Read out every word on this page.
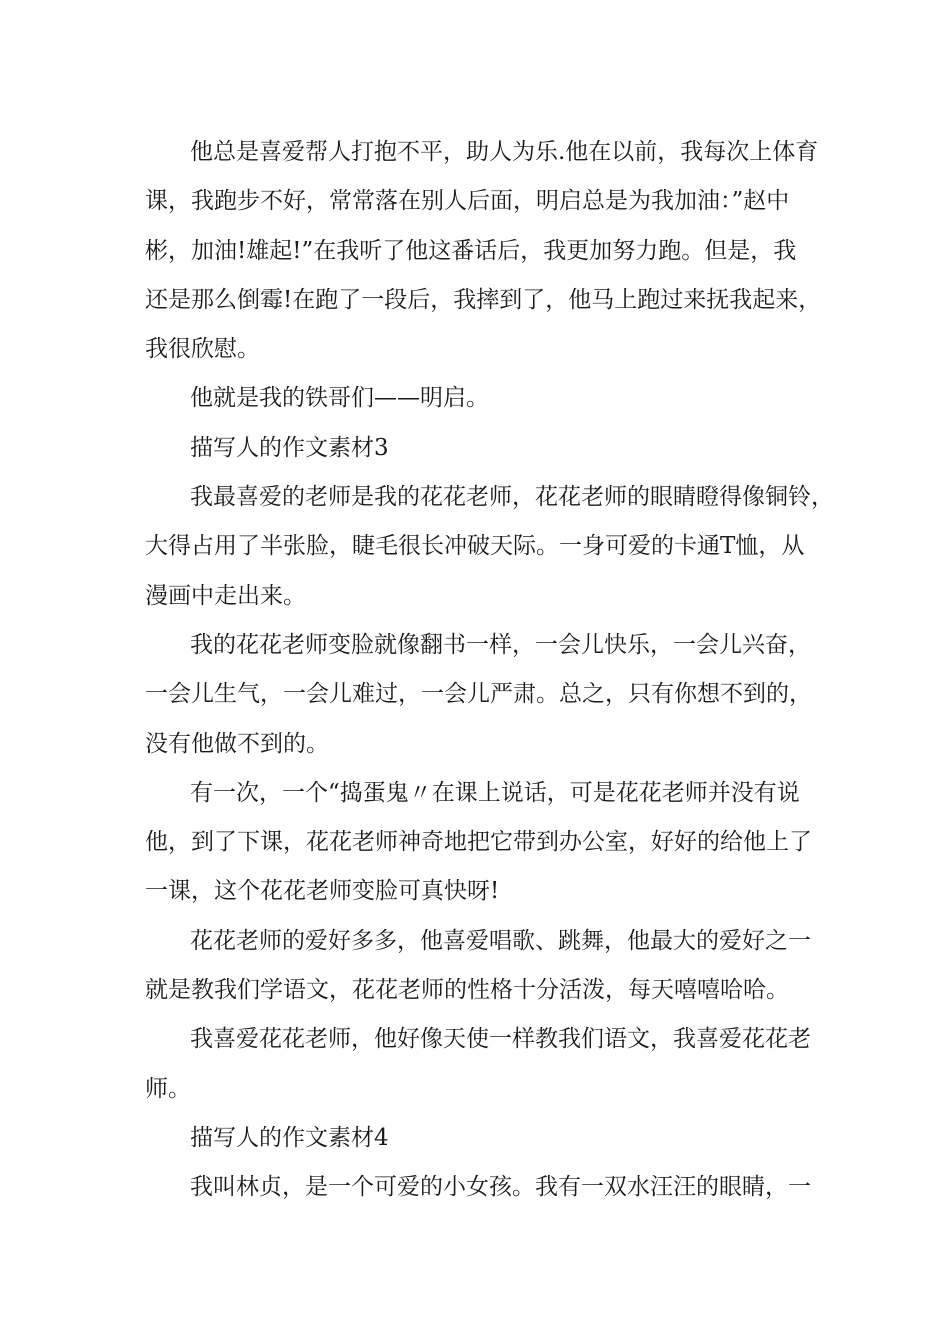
他总是喜爱帮人打抱不平，助人为乐.他在以前，我每次上体育
课，我跑步不好，常常落在别人后面，明启总是为我加油：”赵中
彬，加油!雄起!”在我听了他这番话后，我更加努力跑。但是，我
还是那么倒霉!在跑了一段后，我摔到了，他马上跑过来抚我起来，
我很欣慰。
他就是我的铁哥们——明启。
描写人的作文素材3
我最喜爱的老师是我的花花老师，花花老师的眼睛瞪得像铜铃，
大得占用了半张脸，睫毛很长冲破天际。一身可爱的卡通T恤，从
漫画中走出来。
我的花花老师变脸就像翻书一样，一会儿快乐，一会儿兴奋，
一会儿生气，一会儿难过，一会儿严肃。总之，只有你想不到的，
没有他做不到的。
有一次，一个“捣蛋鬼〃在课上说话，可是花花老师并没有说
他，到了下课，花花老师神奇地把它带到办公室，好好的给他上了
一课，这个花花老师变脸可真快呀!
花花老师的爱好多多，他喜爱唱歌、跳舞，他最大的爱好之一
就是教我们学语文，花花老师的性格十分活泼，每天嘻嘻哈哈。
我喜爱花花老师，他好像天使一样教我们语文，我喜爱花花老
师。
描写人的作文素材4
我叫林贞，是一个可爱的小女孩。我有一双水汪汪的眼睛，一
